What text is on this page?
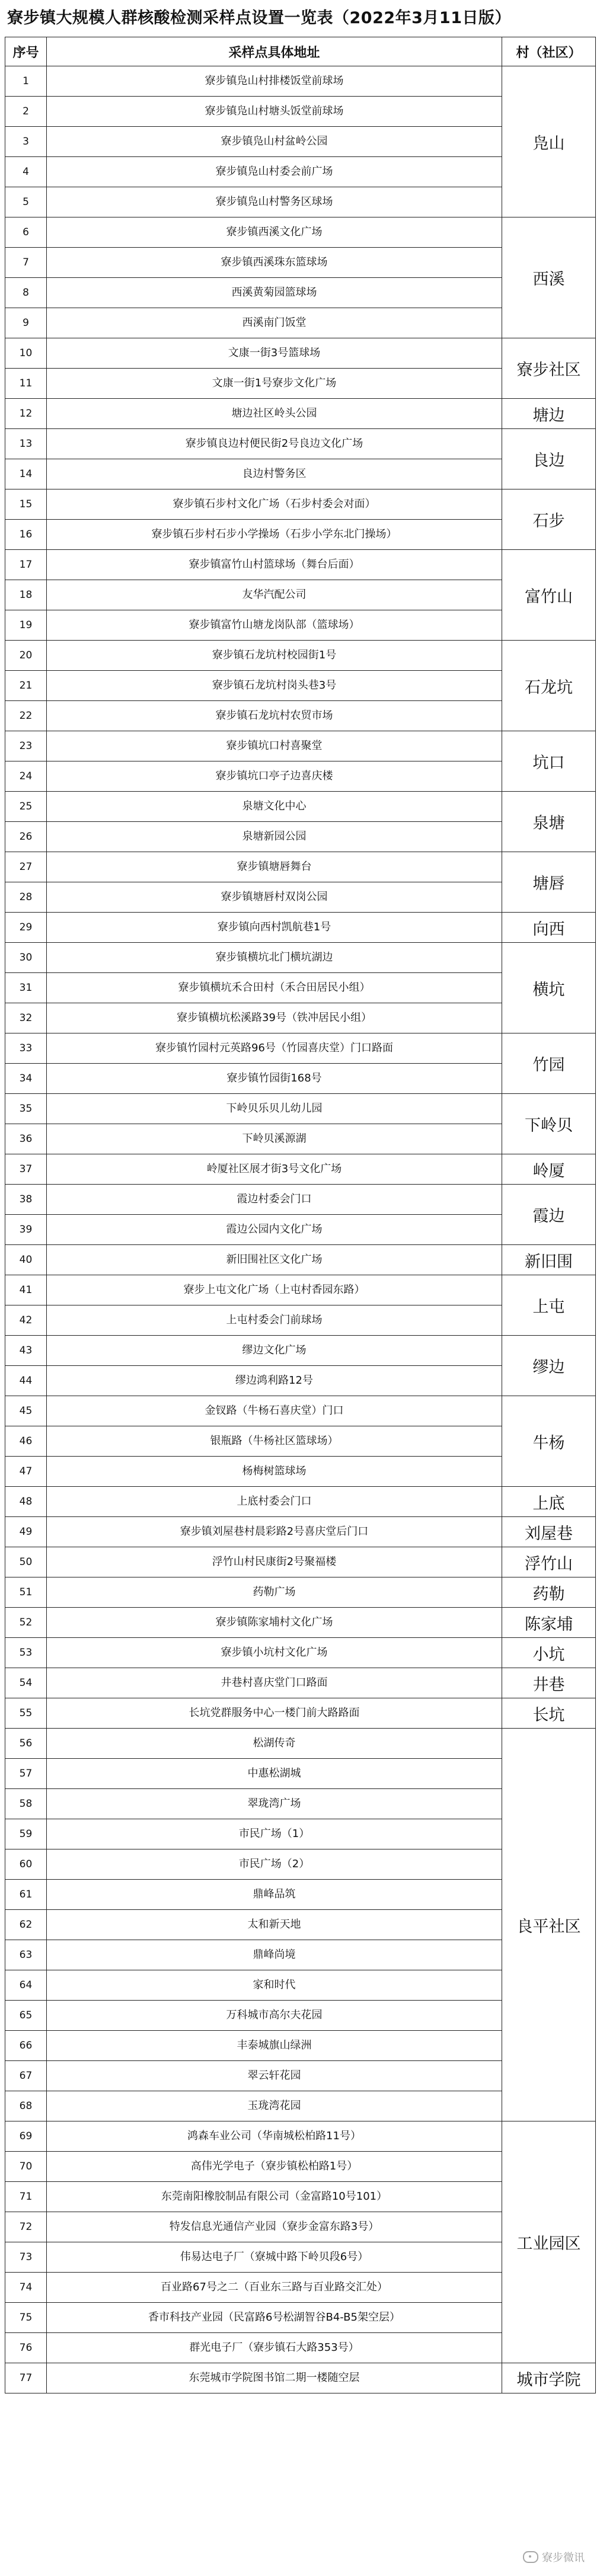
寮步镇大规模人群核酸检测采样点设置一览表（2022年3月11日版）
序号	采样点具体地址	村（社区）
1	寮步镇凫山村排楼饭堂前球场	凫山
2	寮步镇凫山村塘头饭堂前球场	
3	寮步镇凫山村盆岭公园	
4	寮步镇凫山村委会前广场	
5	寮步镇凫山村警务区球场	
6	寮步镇西溪文化广场	西溪
7	寮步镇西溪珠东篮球场	
8	西溪黄菊园篮球场	
9	西溪南门饭堂	
10	文康一街3号篮球场	寮步社区
11	文康一街1号寮步文化广场	
12	塘边社区岭头公园	塘边
13	寮步镇良边村便民街2号良边文化广场	良边
14	良边村警务区	
15	寮步镇石步村文化广场（石步村委会对面）	石步
16	寮步镇石步村石步小学操场（石步小学东北门操场）	
17	寮步镇富竹山村篮球场（舞台后面）	富竹山
18	友华汽配公司	
19	寮步镇富竹山塘龙岗队部（篮球场）	
20	寮步镇石龙坑村校园街1号	石龙坑
21	寮步镇石龙坑村岗头巷3号	
22	寮步镇石龙坑村农贸市场	
23	寮步镇坑口村喜聚堂	坑口
24	寮步镇坑口亭子边喜庆楼	
25	泉塘文化中心	泉塘
26	泉塘新园公园	
27	寮步镇塘唇舞台	塘唇
28	寮步镇塘唇村双岗公园	
29	寮步镇向西村凯航巷1号	向西
30	寮步镇横坑北门横坑湖边	横坑
31	寮步镇横坑禾合田村（禾合田居民小组）	
32	寮步镇横坑松溪路39号（铁冲居民小组）	
33	寮步镇竹园村元英路96号（竹园喜庆堂）门口路面	竹园
34	寮步镇竹园街168号	
35	下岭贝乐贝儿幼儿园	下岭贝
36	下岭贝溪源湖	
37	岭厦社区展才街3号文化广场	岭厦
38	霞边村委会门口	霞边
39	霞边公园内文化广场	
40	新旧围社区文化广场	新旧围
41	寮步上屯文化广场（上屯村香园东路）	上屯
42	上屯村委会门前球场	
43	缪边文化广场	缪边
44	缪边鸿利路12号	
45	金钗路（牛杨石喜庆堂）门口	牛杨
46	银瓶路（牛杨社区篮球场）	
47	杨梅树篮球场	
48	上底村委会门口	上底
49	寮步镇刘屋巷村晨彩路2号喜庆堂后门口	刘屋巷
50	浮竹山村民康街2号聚福楼	浮竹山
51	药勒广场	药勒
52	寮步镇陈家埔村文化广场	陈家埔
53	寮步镇小坑村文化广场	小坑
54	井巷村喜庆堂门口路面	井巷
55	长坑党群服务中心一楼门前大路路面	长坑
56	松湖传奇	良平社区
57	中惠松湖城	
58	翠珑湾广场	
59	市民广场（1）	
60	市民广场（2）	
61	鼎峰品筑	
62	太和新天地	
63	鼎峰尚境	
64	家和时代	
65	万科城市高尔夫花园	
66	丰泰城旗山绿洲	
67	翠云轩花园	
68	玉珑湾花园	
69	鸿森车业公司（华南城松柏路11号）	工业园区
70	高伟光学电子（寮步镇松柏路1号）	
71	东莞南阳橡胶制品有限公司（金富路10号101）	
72	特发信息光通信产业园（寮步金富东路3号）	
73	伟易达电子厂（寮城中路下岭贝段6号）	
74	百业路67号之二（百业东三路与百业路交汇处）	
75	香市科技产业园（民富路6号松湖智谷B4-B5架空层）	
76	群光电子厂（寮步镇石大路353号）	
77	东莞城市学院图书馆二期一楼随空层	城市学院
寮步微讯
